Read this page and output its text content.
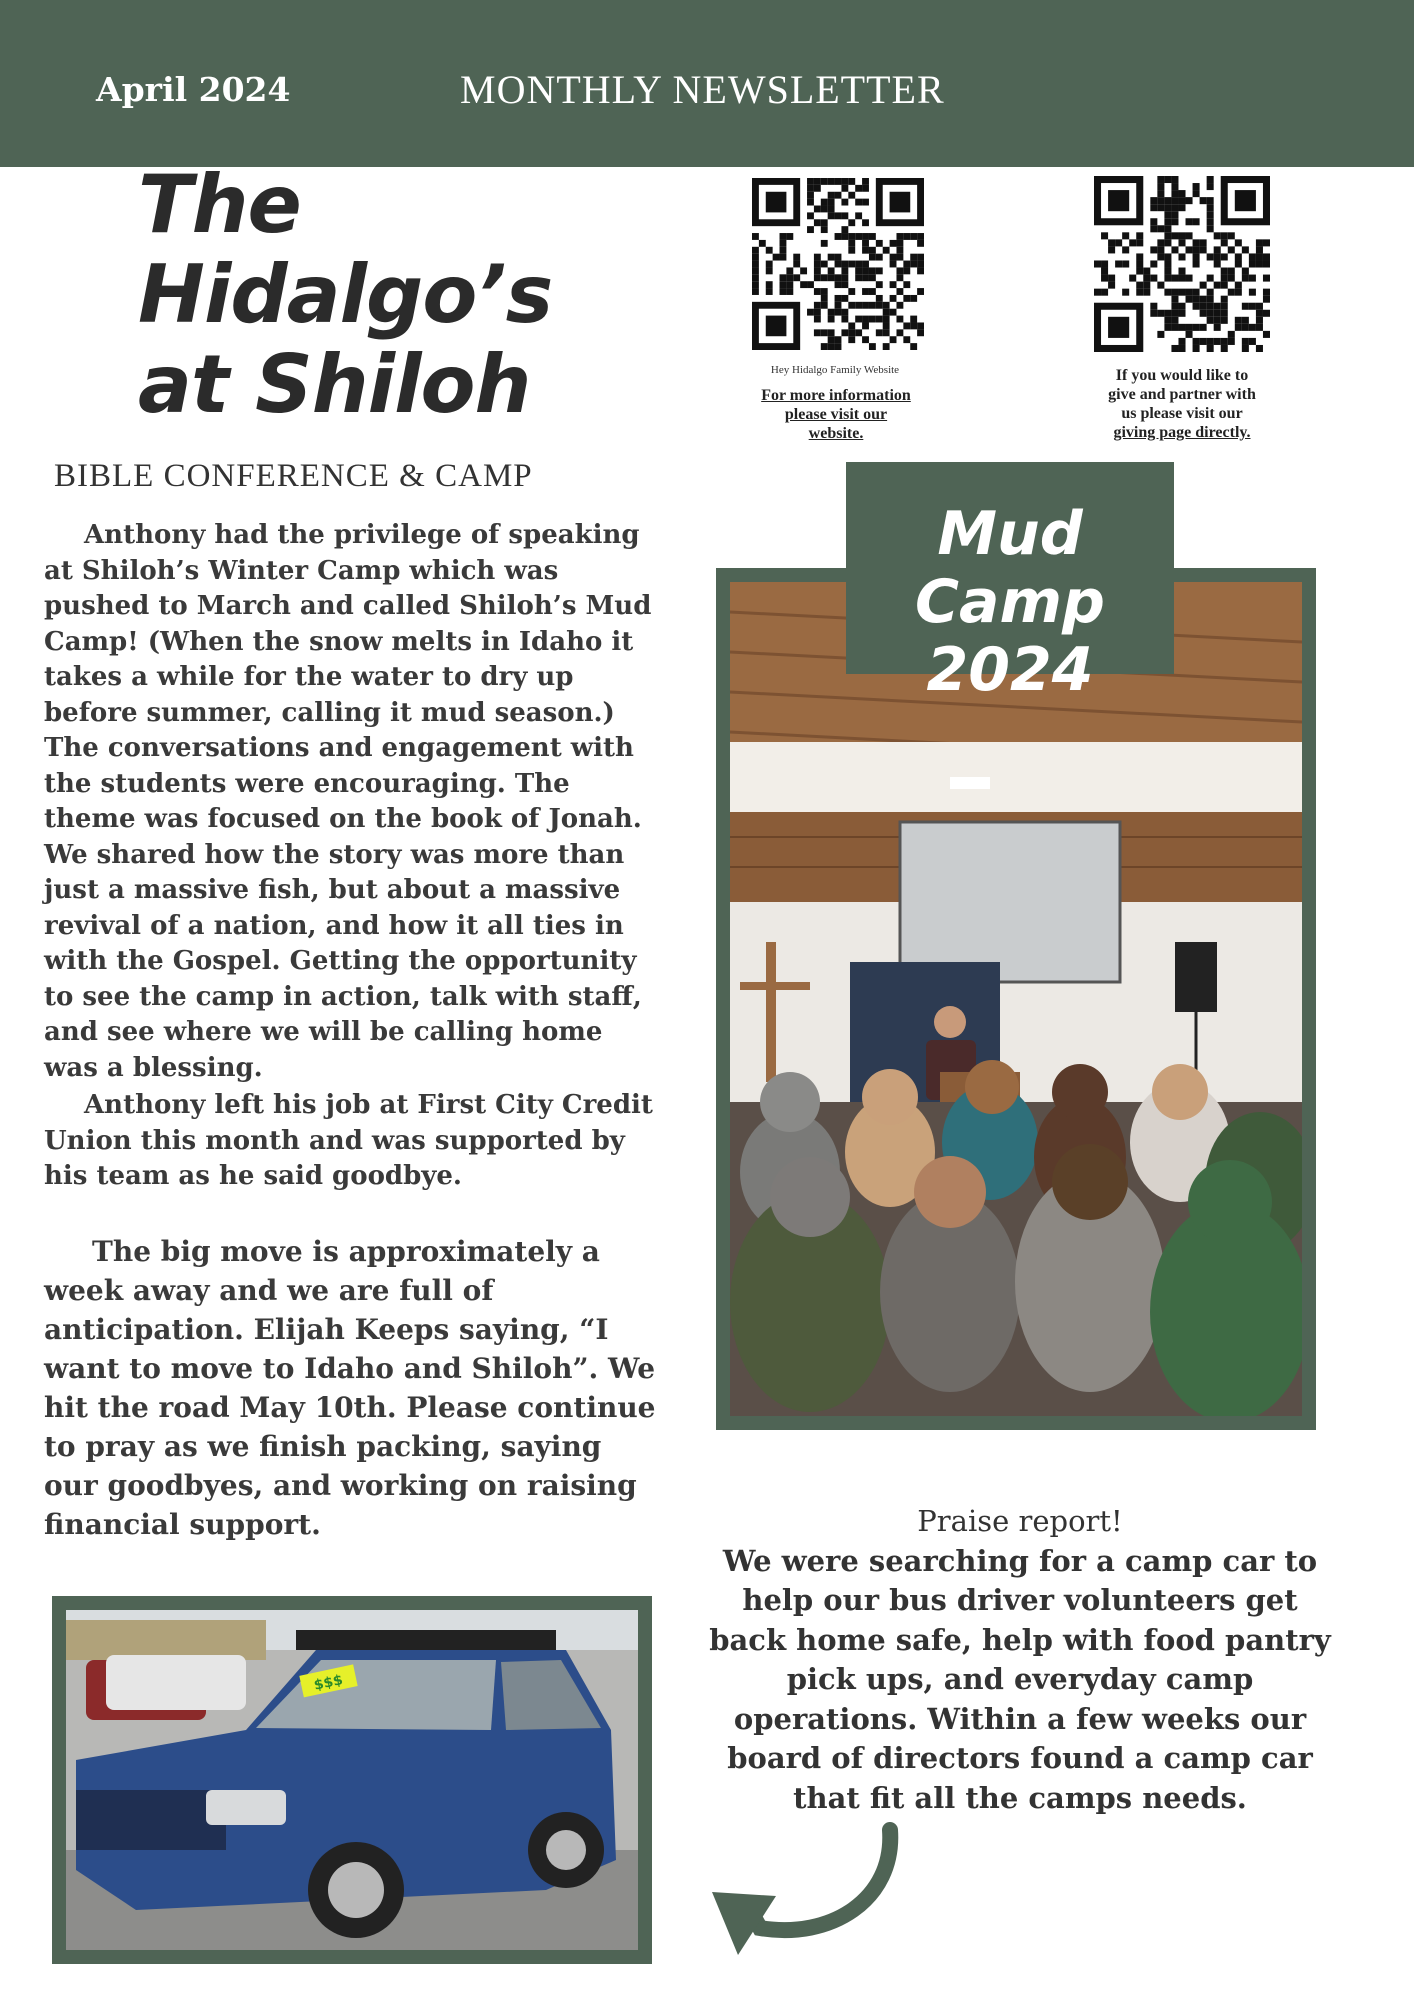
April 2024	MONTHLY NEWSLETTER
The
Hidalgo’s
at Shiloh
BIBLE CONFERENCE & CAMP

Anthony had the privilege of speaking at Shiloh’s Winter Camp which was pushed to March and called Shiloh’s Mud Camp! (When the snow melts in Idaho it takes a while for the water to dry up before summer, calling it mud season.) The conversations and engagement with the students were encouraging. The theme was focused on the book of Jonah. We shared how the story was more than just a massive fish, but about a massive revival of a nation, and how it all ties in with the Gospel. Getting the opportunity to see the camp in action, talk with staff, and see where we will be calling home was a blessing.

Anthony left his job at First City Credit Union this month and was supported by his team as he said goodbye.

The big move is approximately a week away and we are full of anticipation. Elijah Keeps saying, “I want to move to Idaho and Shiloh”. We hit the road May 10th. Please continue to pray as we finish packing, saying our goodbyes, and working on raising financial support.

Hey Hidalgo Family Website
For more information
please visit our
website.
If you would like to
give and partner with
us please visit our
giving page directly.
Mud Camp
2024
$$$
Praise report!
We were searching for a camp car to help our bus driver volunteers get back home safe, help with food pantry pick ups, and everyday camp operations. Within a few weeks our board of directors found a camp car that fit all the camps needs.
